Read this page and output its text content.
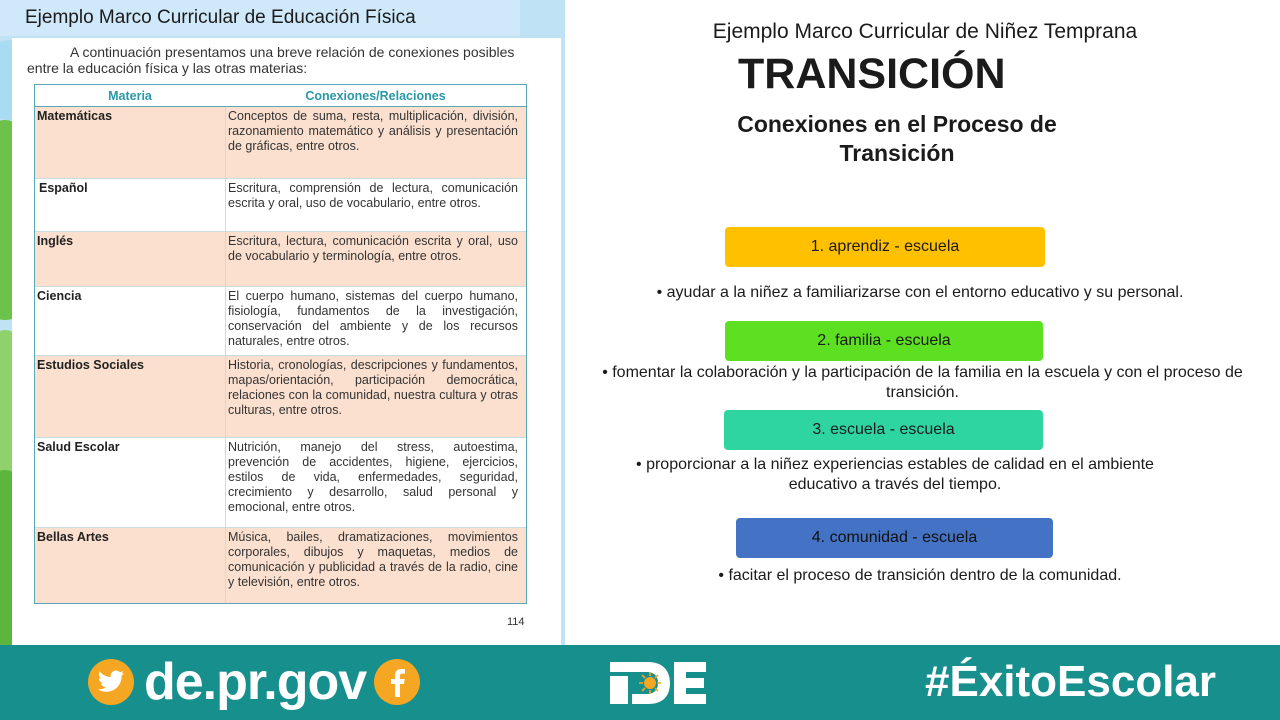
Ejemplo Marco Curricular de Educación Física
A continuación presentamos una breve relación de conexiones posibles entre la educación física y las otras materias:
Materia	Conexiones/Relaciones
Matemáticas	Conceptos de suma, resta, multiplicación, división, razonamiento matemático y análisis y presentación de gráficas, entre otros.
Español	Escritura, comprensión de lectura, comunicación escrita y oral, uso de vocabulario, entre otros.
Inglés	Escritura, lectura, comunicación escrita y oral, uso de vocabulario y terminología, entre otros.
Ciencia	El cuerpo humano, sistemas del cuerpo humano, fisiología, fundamentos de la investigación, conservación del ambiente y de los recursos naturales, entre otros.
Estudios Sociales	Historia, cronologías, descripciones y fundamentos, mapas/orientación, participación democrática, relaciones con la comunidad, nuestra cultura y otras culturas, entre otros.
Salud Escolar	Nutrición, manejo del stress, autoestima, prevención de accidentes, higiene, ejercicios, estilos de vida, enfermedades, seguridad, crecimiento y desarrollo, salud personal y emocional, entre otros.
Bellas Artes	Música, bailes, dramatizaciones, movimientos corporales, dibujos y maquetas, medios de comunicación y publicidad a través de la radio, cine y televisión, entre otros.
114
Ejemplo Marco Curricular de Niñez Temprana
TRANSICIÓN
Conexiones en el Proceso de Transición
1. aprendiz - escuela
• ayudar a la niñez a familiarizarse con el entorno educativo y su personal.
2. familia - escuela
• fomentar la colaboración y la participación de la familia en la escuela y con el proceso de transición.
3. escuela - escuela
• proporcionar a la niñez experiencias estables de calidad en el ambiente educativo a través del tiempo.
4. comunidad - escuela
• facitar el proceso de transición dentro de la comunidad.
de.pr.gov	#ÉxitoEscolar
